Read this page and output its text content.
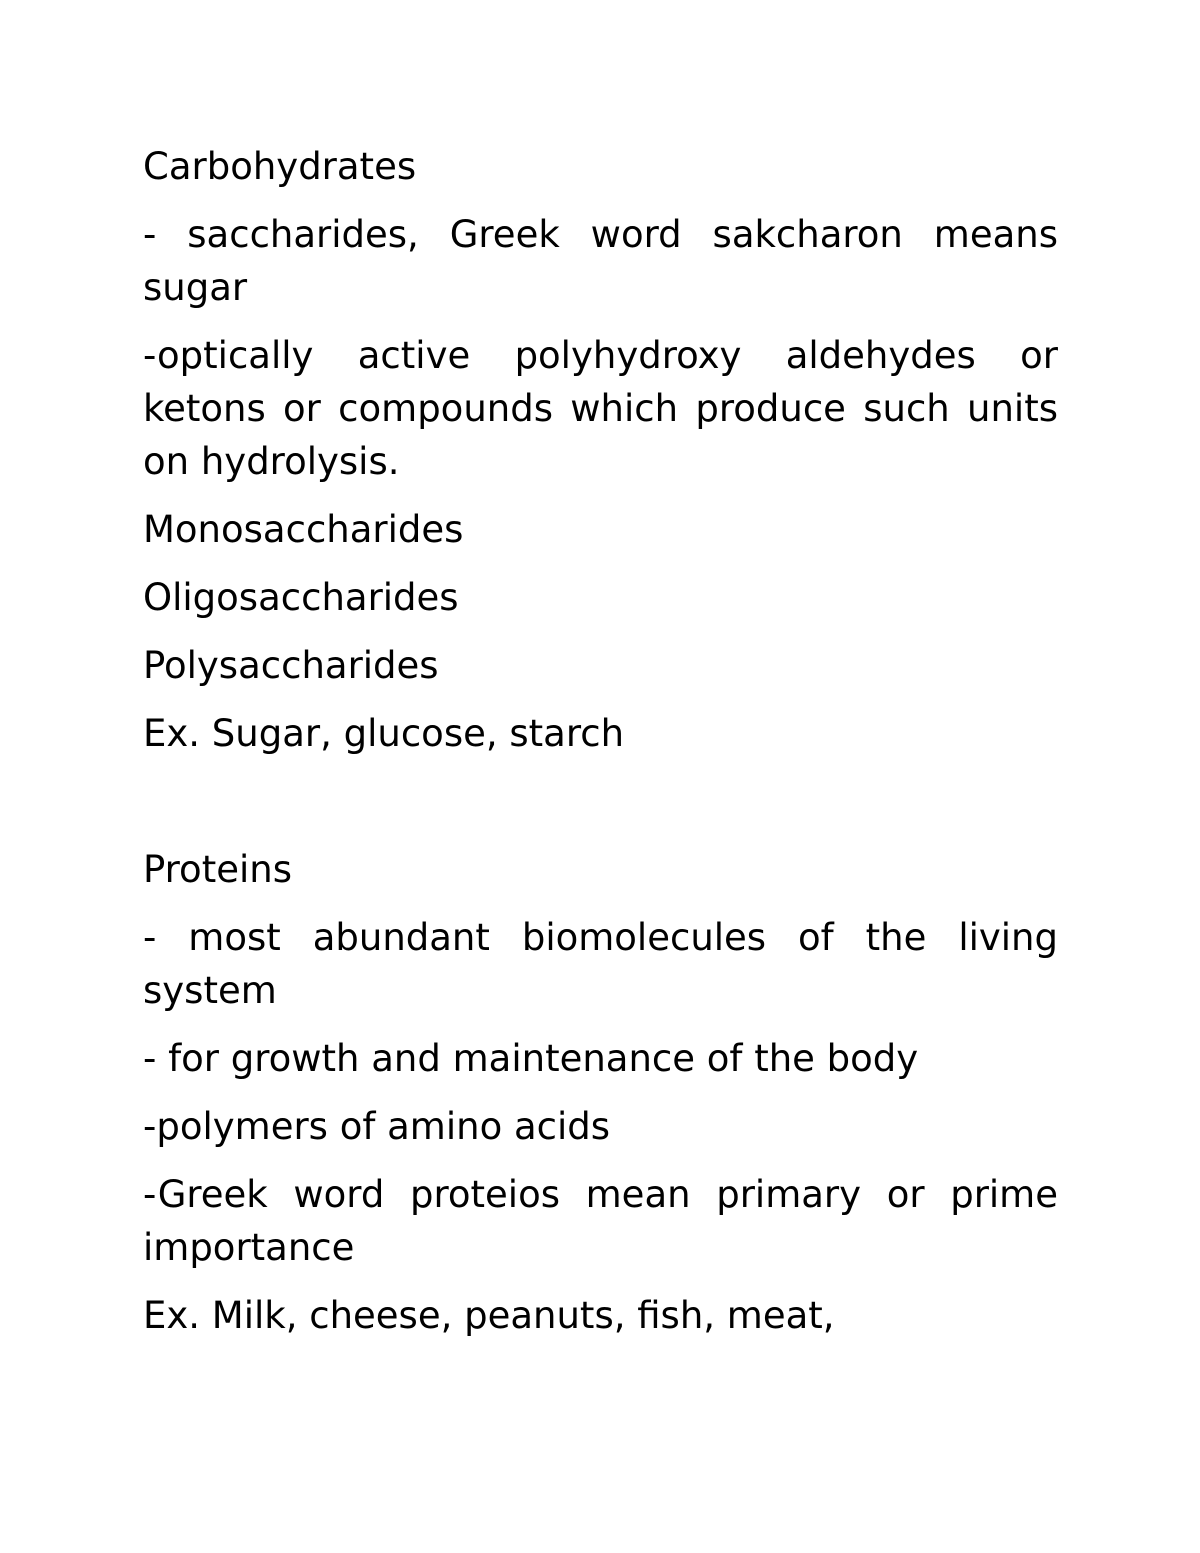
Carbohydrates

- saccharides, Greek word sakcharon means sugar

-optically active polyhydroxy aldehydes or ketons or compounds which produce such units on hydrolysis.

Monosaccharides

Oligosaccharides

Polysaccharides

Ex. Sugar, glucose, starch

Proteins

- most abundant biomolecules of the living system

- for growth and maintenance of the body

-polymers of amino acids

-Greek word proteios mean primary or prime importance

Ex. Milk, cheese, peanuts, fish, meat,
